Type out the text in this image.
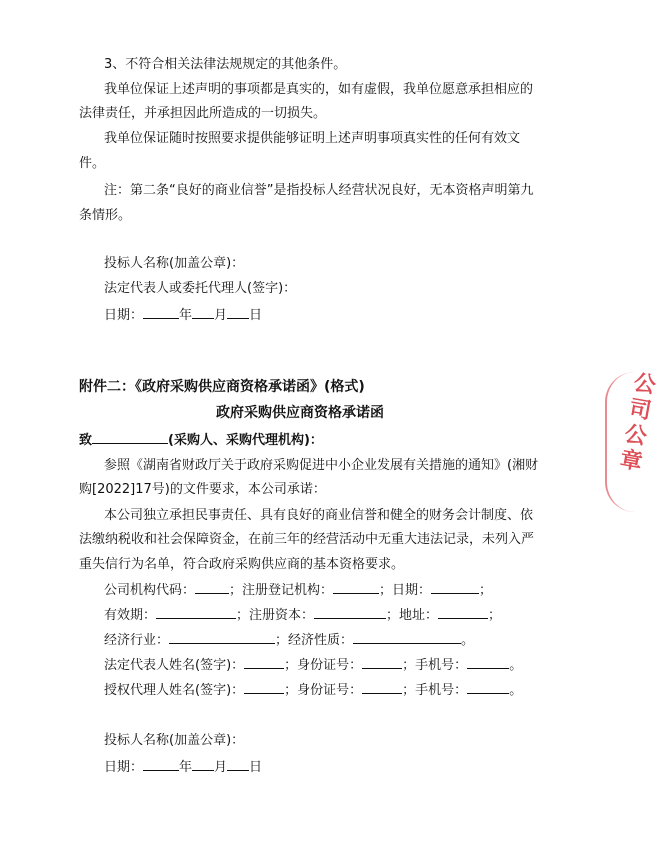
3、不符合相关法律法规规定的其他条件。
我单位保证上述声明的事项都是真实的，如有虚假，我单位愿意承担相应的
法律责任，并承担因此所造成的一切损失。
我单位保证随时按照要求提供能够证明上述声明事项真实性的任何有效文
件。
注：第二条“良好的商业信誉”是指投标人经营状况良好，无本资格声明第九
条情形。
投标人名称(加盖公章)：
法定代表人或委托代理人(签字)：
日期：	年 月 日
附件二：《政府采购供应商资格承诺函》(格式)
政府采购供应商资格承诺函
致	(采购人、采购代理机构)：
参照《湖南省财政厅关于政府采购促进中小企业发展有关措施的通知》(湘财
购[2022]17号)的文件要求，本公司承诺：
本公司独立承担民事责任、具有良好的商业信誉和健全的财务会计制度、依
法缴纳税收和社会保障资金，在前三年的经营活动中无重大违法记录，未列入严
重失信行为名单，符合政府采购供应商的基本资格要求。
公司机构代码：	；注册登记机构：	；日期：	；
有效期：	；注册资本：	；地址：	；
经济行业：	；经济性质：	。
法定代表人姓名(签字)：	；身份证号：	；手机号：	。
授权代理人姓名(签字)：	；身份证号：	；手机号：	。
投标人名称(加盖公章)：
日期：	年 月 日
公司公章
